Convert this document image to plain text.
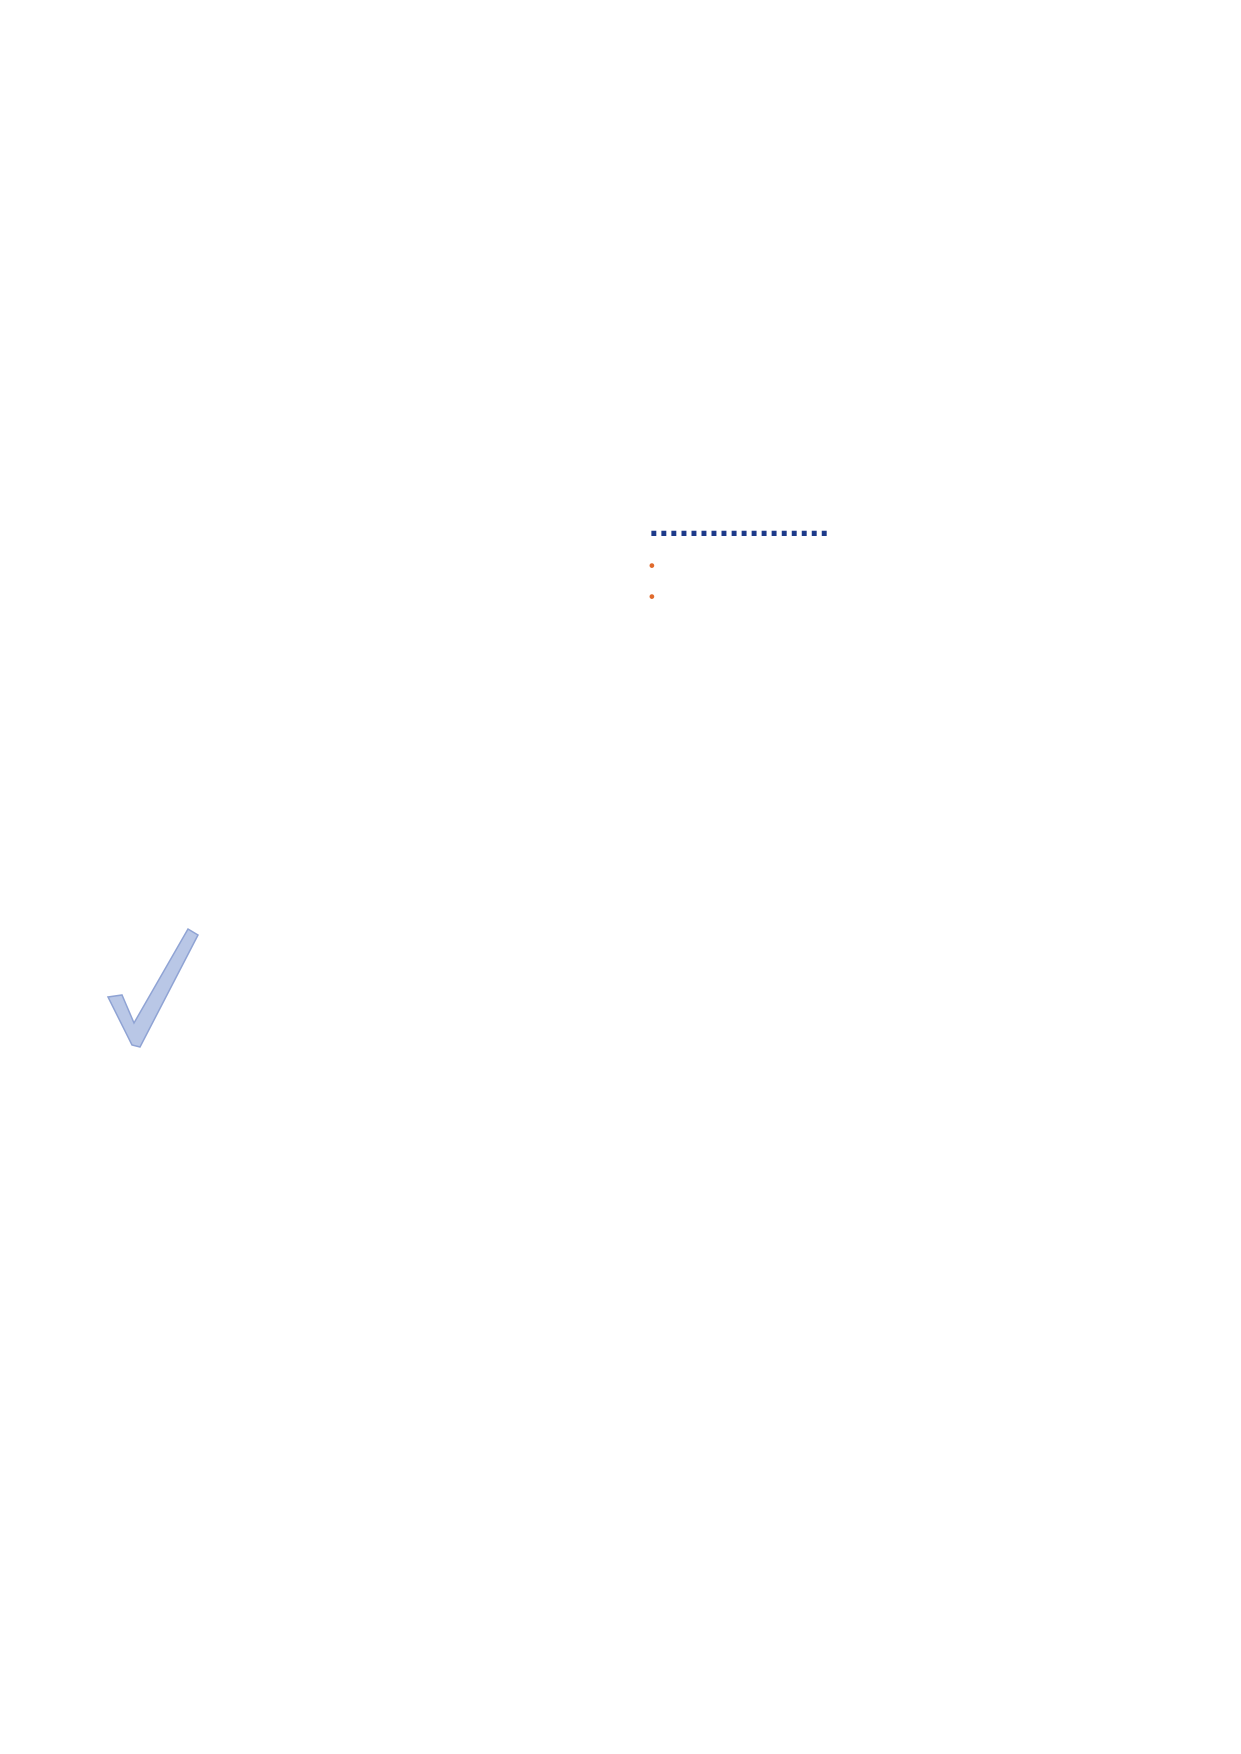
..................

•

•
